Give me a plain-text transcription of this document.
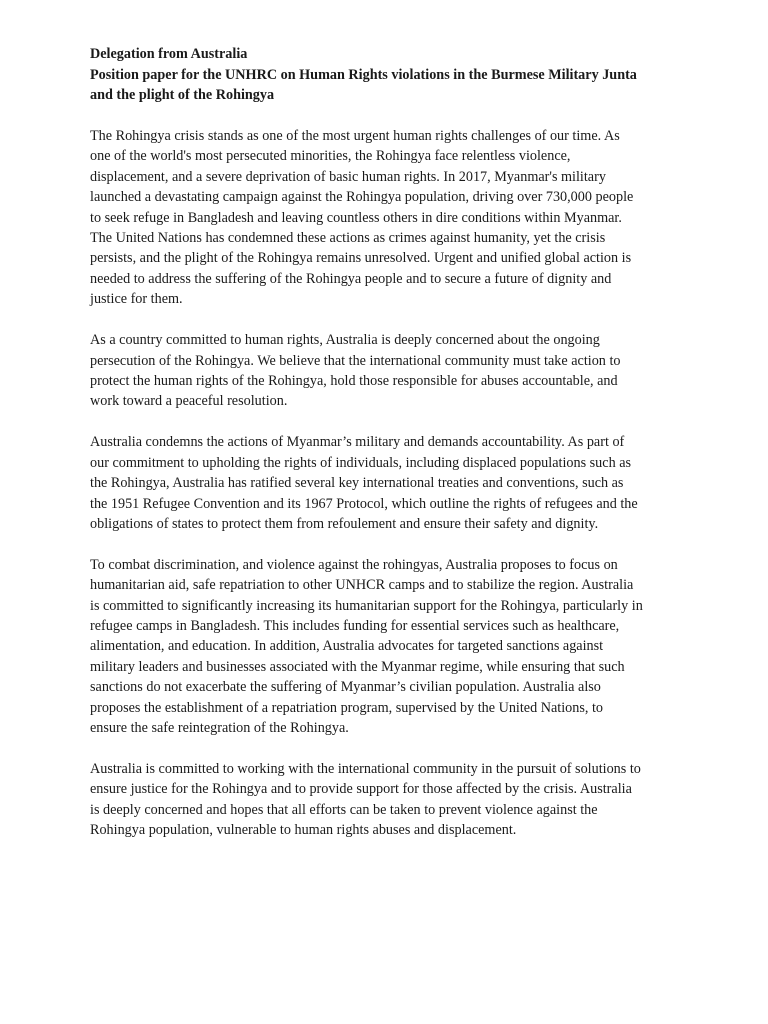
Delegation from Australia
Position paper for the UNHRC on Human Rights violations in the Burmese Military Junta
and the plight of the Rohingya

The Rohingya crisis stands as one of the most urgent human rights challenges of our time. As
one of the world's most persecuted minorities, the Rohingya face relentless violence,
displacement, and a severe deprivation of basic human rights. In 2017, Myanmar's military
launched a devastating campaign against the Rohingya population, driving over 730,000 people
to seek refuge in Bangladesh and leaving countless others in dire conditions within Myanmar.
The United Nations has condemned these actions as crimes against humanity, yet the crisis
persists, and the plight of the Rohingya remains unresolved. Urgent and unified global action is
needed to address the suffering of the Rohingya people and to secure a future of dignity and
justice for them.

As a country committed to human rights, Australia is deeply concerned about the ongoing
persecution of the Rohingya. We believe that the international community must take action to
protect the human rights of the Rohingya, hold those responsible for abuses accountable, and
work toward a peaceful resolution.

Australia condemns the actions of Myanmar’s military and demands accountability. As part of
our commitment to upholding the rights of individuals, including displaced populations such as
the Rohingya, Australia has ratified several key international treaties and conventions, such as
the 1951 Refugee Convention and its 1967 Protocol, which outline the rights of refugees and the
obligations of states to protect them from refoulement and ensure their safety and dignity.

To combat discrimination, and violence against the rohingyas, Australia proposes to focus on
humanitarian aid, safe repatriation to other UNHCR camps and to stabilize the region. Australia
is committed to significantly increasing its humanitarian support for the Rohingya, particularly in
refugee camps in Bangladesh. This includes funding for essential services such as healthcare,
alimentation, and education. In addition, Australia advocates for targeted sanctions against
military leaders and businesses associated with the Myanmar regime, while ensuring that such
sanctions do not exacerbate the suffering of Myanmar’s civilian population. Australia also
proposes the establishment of a repatriation program, supervised by the United Nations, to
ensure the safe reintegration of the Rohingya.

Australia is committed to working with the international community in the pursuit of solutions to
ensure justice for the Rohingya and to provide support for those affected by the crisis. Australia
is deeply concerned and hopes that all efforts can be taken to prevent violence against the
Rohingya population, vulnerable to human rights abuses and displacement.
